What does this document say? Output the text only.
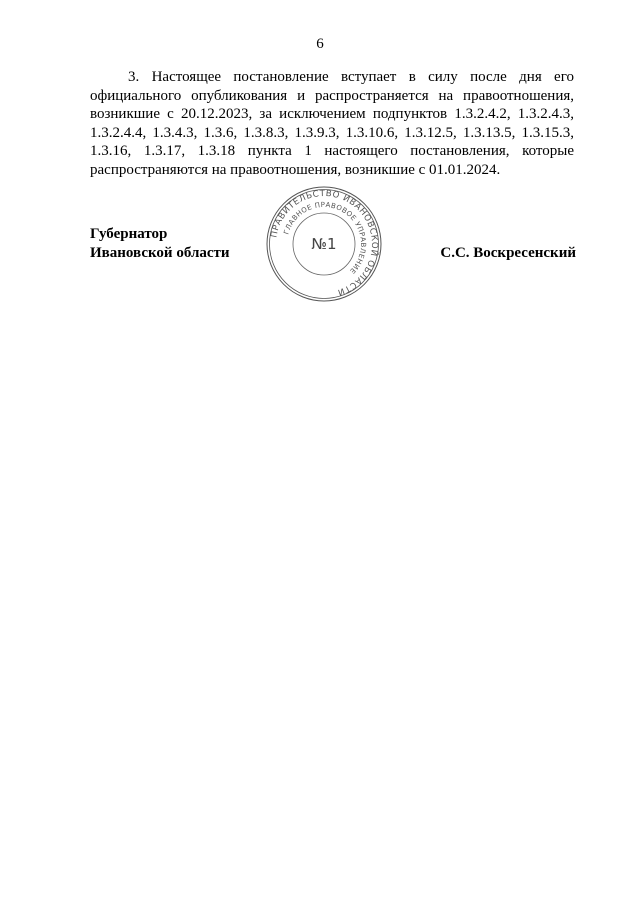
6

3. Настоящее постановление вступает в силу после дня его официального опубликования и распространяется на правоотношения, возникшие с 20.12.2023, за исключением подпунктов 1.3.2.4.2, 1.3.2.4.3, 1.3.2.4.4, 1.3.4.3, 1.3.6, 1.3.8.3, 1.3.9.3, 1.3.10.6, 1.3.12.5, 1.3.13.5, 1.3.15.3, 1.3.16, 1.3.17, 1.3.18 пункта 1 настоящего постановления, которые распространяются на правоотношения, возникшие с 01.01.2024.

ПРАВИТЕЛЬСТВО ИВАНОВСКОЙ ОБЛАСТИ
ГЛАВНОЕ ПРАВОВОЕ УПРАВЛЕНИЕ
№1
Губернатор
Ивановской области	С.С. Воскресенский
